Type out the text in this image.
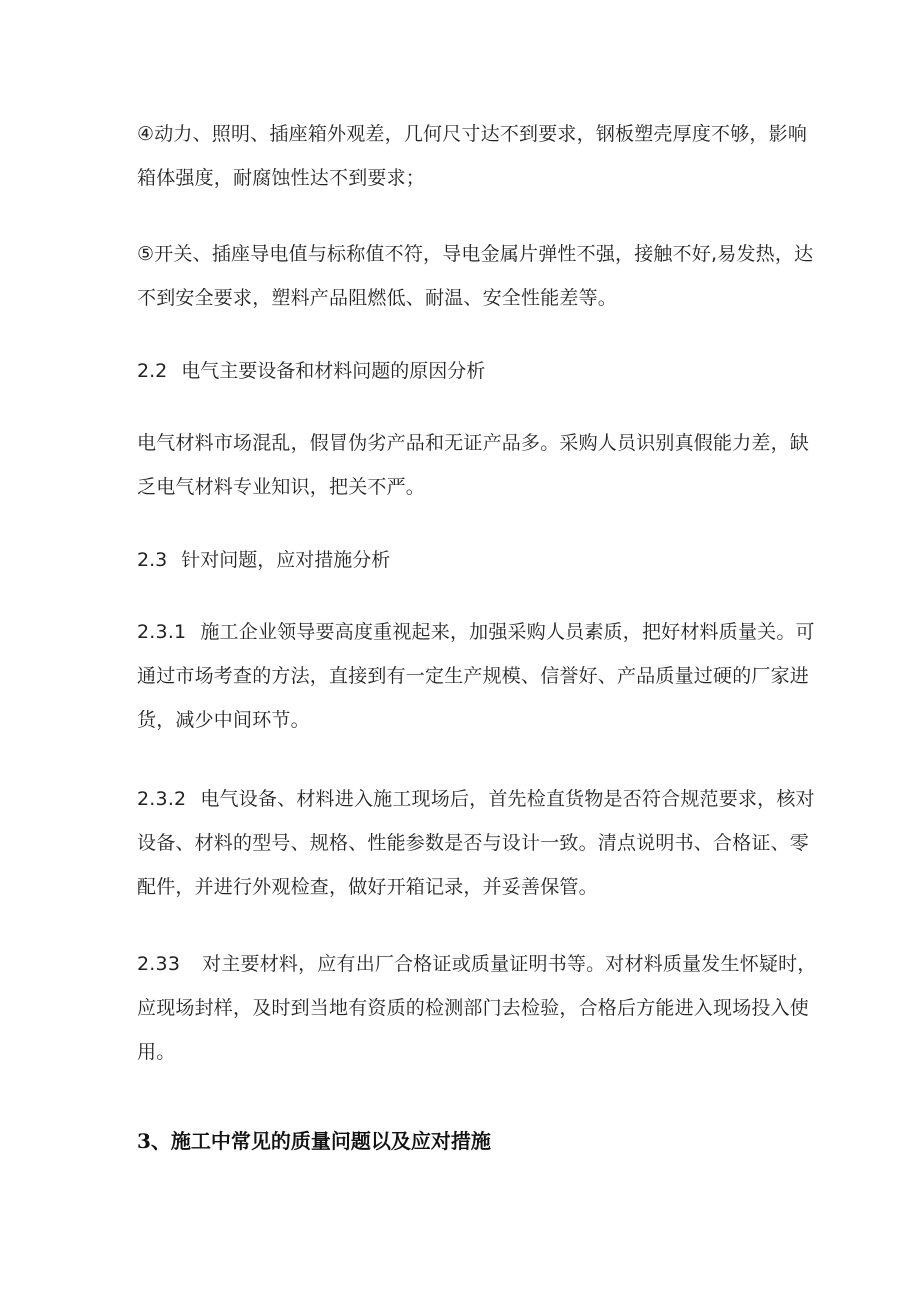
④动力、照明、插座箱外观差，几何尺寸达不到要求，钢板塑壳厚度不够，影响箱体强度，耐腐蚀性达不到要求；

⑤开关、插座导电值与标称值不符，导电金属片弹性不强，接触不好,易发热，达不到安全要求，塑料产品阻燃低、耐温、安全性能差等。

2.2 电气主要设备和材料问题的原因分析

电气材料市场混乱，假冒伪劣产品和无证产品多。采购人员识别真假能力差，缺乏电气材料专业知识，把关不严。

2.3 针对问题，应对措施分析

2.3.1 施工企业领导要高度重视起来，加强采购人员素质，把好材料质量关。可通过市场考查的方法，直接到有一定生产规模、信誉好、产品质量过硬的厂家进货，减少中间环节。

2.3.2 电气设备、材料进入施工现场后，首先检直货物是否符合规范要求，核对设备、材料的型号、规格、性能参数是否与设计一致。清点说明书、合格证、零配件，并进行外观检查，做好开箱记录，并妥善保管。

2.33 对主要材料，应有出厂合格证或质量证明书等。对材料质量发生怀疑时，应现场封样，及时到当地有资质的检测部门去检验，合格后方能进入现场投入使用。

3、施工中常见的质量问题以及应对措施
